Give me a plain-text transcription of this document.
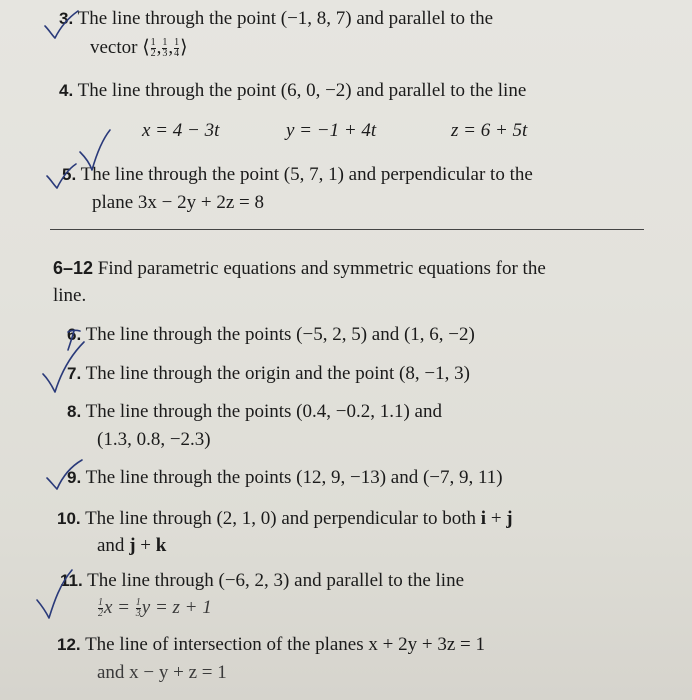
3. The line through the point (−1, 8, 7) and parallel to the
vector ⟨ $\frac{1}{2}$ , $\frac{1}{3}$ , $\frac{1}{4}$ ⟩
4. The line through the point (6, 0, −2) and parallel to the line
x = 4 − 3t	y = −1 + 4t	z = 6 + 5t
5. The line through the point (5, 7, 1) and perpendicular to the
plane 3x − 2y + 2z = 8
6–12 Find parametric equations and symmetric equations for the
line.
6. The line through the points (−5, 2, 5) and (1, 6, −2)
7. The line through the origin and the point (8, −1, 3)
8. The line through the points (0.4, −0.2, 1.1) and
(1.3, 0.8, −2.3)
9. The line through the points (12, 9, −13) and (−7, 9, 11)
10. The line through (2, 1, 0) and perpendicular to both i + j
and j + k
11. The line through (−6, 2, 3) and parallel to the line
$\frac{1}{2}$ $x = \frac{1}{3}$ y = z + 1
12. The line of intersection of the planes x + 2y + 3z = 1
and x − y + z = 1
